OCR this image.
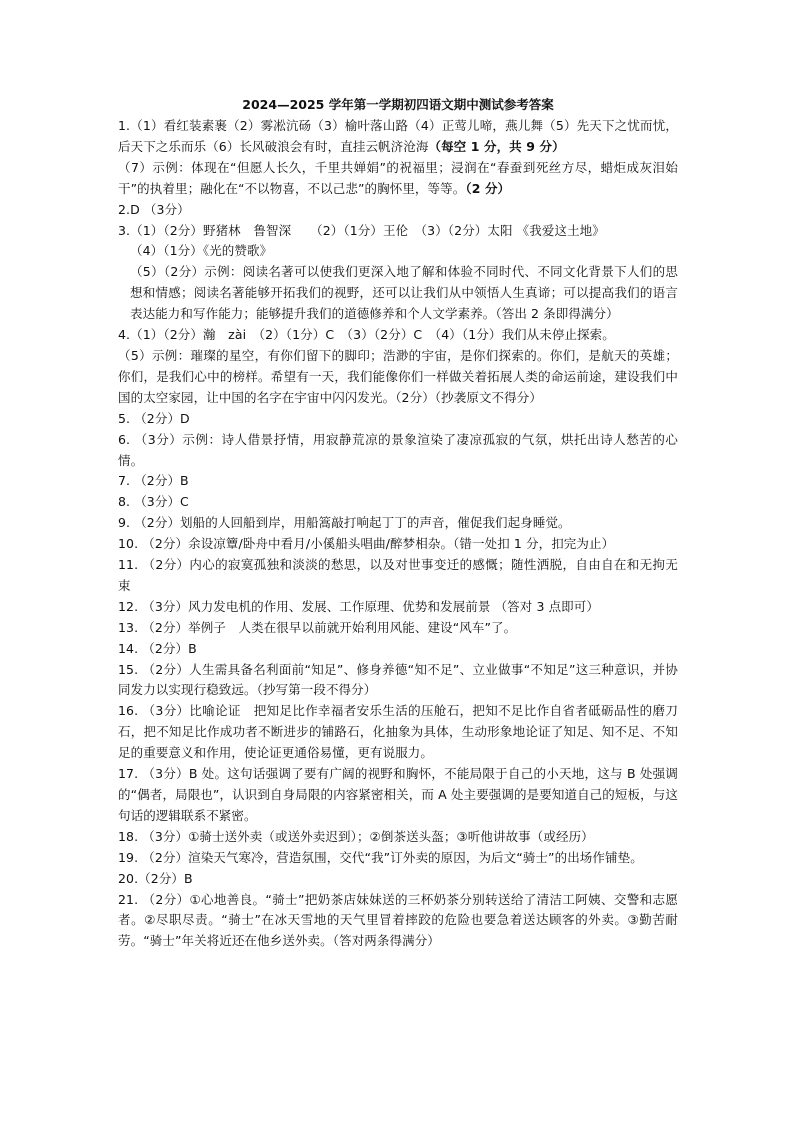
2024—2025 学年第一学期初四语文期中测试参考答案

1.（1）看红装素裹（2）雾凇沆砀（3）榆叶落山路（4）正莺儿啼，燕儿舞（5）先天下之忧而忧，后天下之乐而乐（6）长风破浪会有时，直挂云帆济沧海（每空 1 分，共 9 分）

（7）示例：体现在“但愿人长久，千里共婵娟”的祝福里；浸润在“春蚕到死丝方尽，蜡炬成灰泪始干”的执着里；融化在“不以物喜，不以己悲”的胸怀里，等等。（2 分）

2.D （3分）

3.（1）（2分）野猪林　鲁智深　　（2）（1分）王伦　（3）（2分）太阳 《我爱这土地》

（4）（1分）《光的赞歌》

（5）（2分）示例：阅读名著可以使我们更深入地了解和体验不同时代、不同文化背景下人们的思想和情感；阅读名著能够开拓我们的视野，还可以让我们从中领悟人生真谛；可以提高我们的语言表达能力和写作能力；能够提升我们的道德修养和个人文学素养。（答出 2 条即得满分）

4.（1）（2分）瀚　zài　（2）（1分）C　（3）（2分）C　（4）（1分）我们从未停止探索。

（5）示例：璀璨的星空，有你们留下的脚印；浩渺的宇宙，是你们探索的。你们，是航天的英雄；你们，是我们心中的榜样。希望有一天，我们能像你们一样做关着拓展人类的命运前途，建设我们中国的太空家园，让中国的名字在宇宙中闪闪发光。（2分）（抄袭原文不得分）

5. （2分）D

6. （3分）示例：诗人借景抒情，用寂静荒凉的景象渲染了凄凉孤寂的气氛，烘托出诗人愁苦的心情。

7. （2分）B

8. （3分）C

9. （2分）划船的人回船到岸，用船篙敲打响起丁丁的声音，催促我们起身睡觉。

10. （2分）余设凉簟/卧舟中看月/小傒船头唱曲/醉梦相杂。（错一处扣 1 分，扣完为止）

11. （2分）内心的寂寞孤独和淡淡的愁思，以及对世事变迁的感慨；随性洒脱，自由自在和无拘无束

12. （3分）风力发电机的作用、发展、工作原理、优势和发展前景 （答对 3 点即可）

13. （2分）举例子　人类在很早以前就开始利用风能、建设“风车”了。

14. （2分）B

15. （2分）人生需具备名利面前“知足”、修身养德“知不足”、立业做事“不知足”这三种意识，并协同发力以实现行稳致远。（抄写第一段不得分）

16. （3分）比喻论证　把知足比作幸福者安乐生活的压舱石，把知不足比作自省者砥砺品性的磨刀石，把不知足比作成功者不断进步的铺路石，化抽象为具体，生动形象地论证了知足、知不足、不知足的重要意义和作用，使论证更通俗易懂，更有说服力。

17. （3分）B 处。这句话强调了要有广阔的视野和胸怀，不能局限于自己的小天地，这与 B 处强调的“偶者，局限也”，认识到自身局限的内容紧密相关，而 A 处主要强调的是要知道自己的短板，与这句话的逻辑联系不紧密。

18. （3分）①骑士送外卖（或送外卖迟到）；②倒茶送头盔；③听他讲故事（或经历）

19. （2分）渲染天气寒冷，营造氛围，交代“我”订外卖的原因，为后文“骑士”的出场作铺垫。

20.（2分）B

21. （2分）①心地善良。“骑士”把奶茶店妹妹送的三杯奶茶分别转送给了清洁工阿姨、交警和志愿者。②尽职尽责。“骑士”在冰天雪地的天气里冒着摔跤的危险也要急着送达顾客的外卖。③勤苦耐劳。“骑士”年关将近还在他乡送外卖。（答对两条得满分）
